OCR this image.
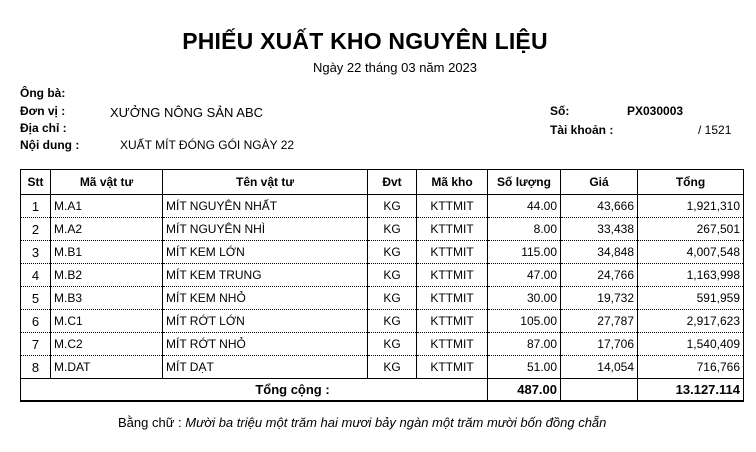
PHIẾU XUẤT KHO NGUYÊN LIỆU
Ngày 22 tháng 03 năm 2023
Ông bà:
Đơn vị :	XƯỞNG NÔNG SẢN ABC
Địa chỉ :
Nội dung :	XUẤT MÍT ĐÓNG GÓI NGÀY 22
Số:	PX030003
Tài khoản :	/ 1521
Stt	Mã vật tư	Tên vật tư	Đvt	Mã kho	Số lượng	Giá	Tổng
1	M.A1	MÍT NGUYÊN NHẤT	KG	KTTMIT	44.00	43,666	1,921,310
2	M.A2	MÍT NGUYÊN NHÌ	KG	KTTMIT	8.00	33,438	267,501
3	M.B1	MÍT KEM LỚN	KG	KTTMIT	115.00	34,848	4,007,548
4	M.B2	MÍT KEM TRUNG	KG	KTTMIT	47.00	24,766	1,163,998
5	M.B3	MÍT KEM NHỎ	KG	KTTMIT	30.00	19,732	591,959
6	M.C1	MÍT RỚT LỚN	KG	KTTMIT	105.00	27,787	2,917,623
7	M.C2	MÍT RỚT NHỎ	KG	KTTMIT	87.00	17,706	1,540,409
8	M.DAT	MÍT DẠT	KG	KTTMIT	51.00	14,054	716,766
Tổng cộng :					487.00		13.127.114
Bằng chữ : Mười ba triệu một trăm hai mươi bảy ngàn một trăm mười bốn đồng chẵn
